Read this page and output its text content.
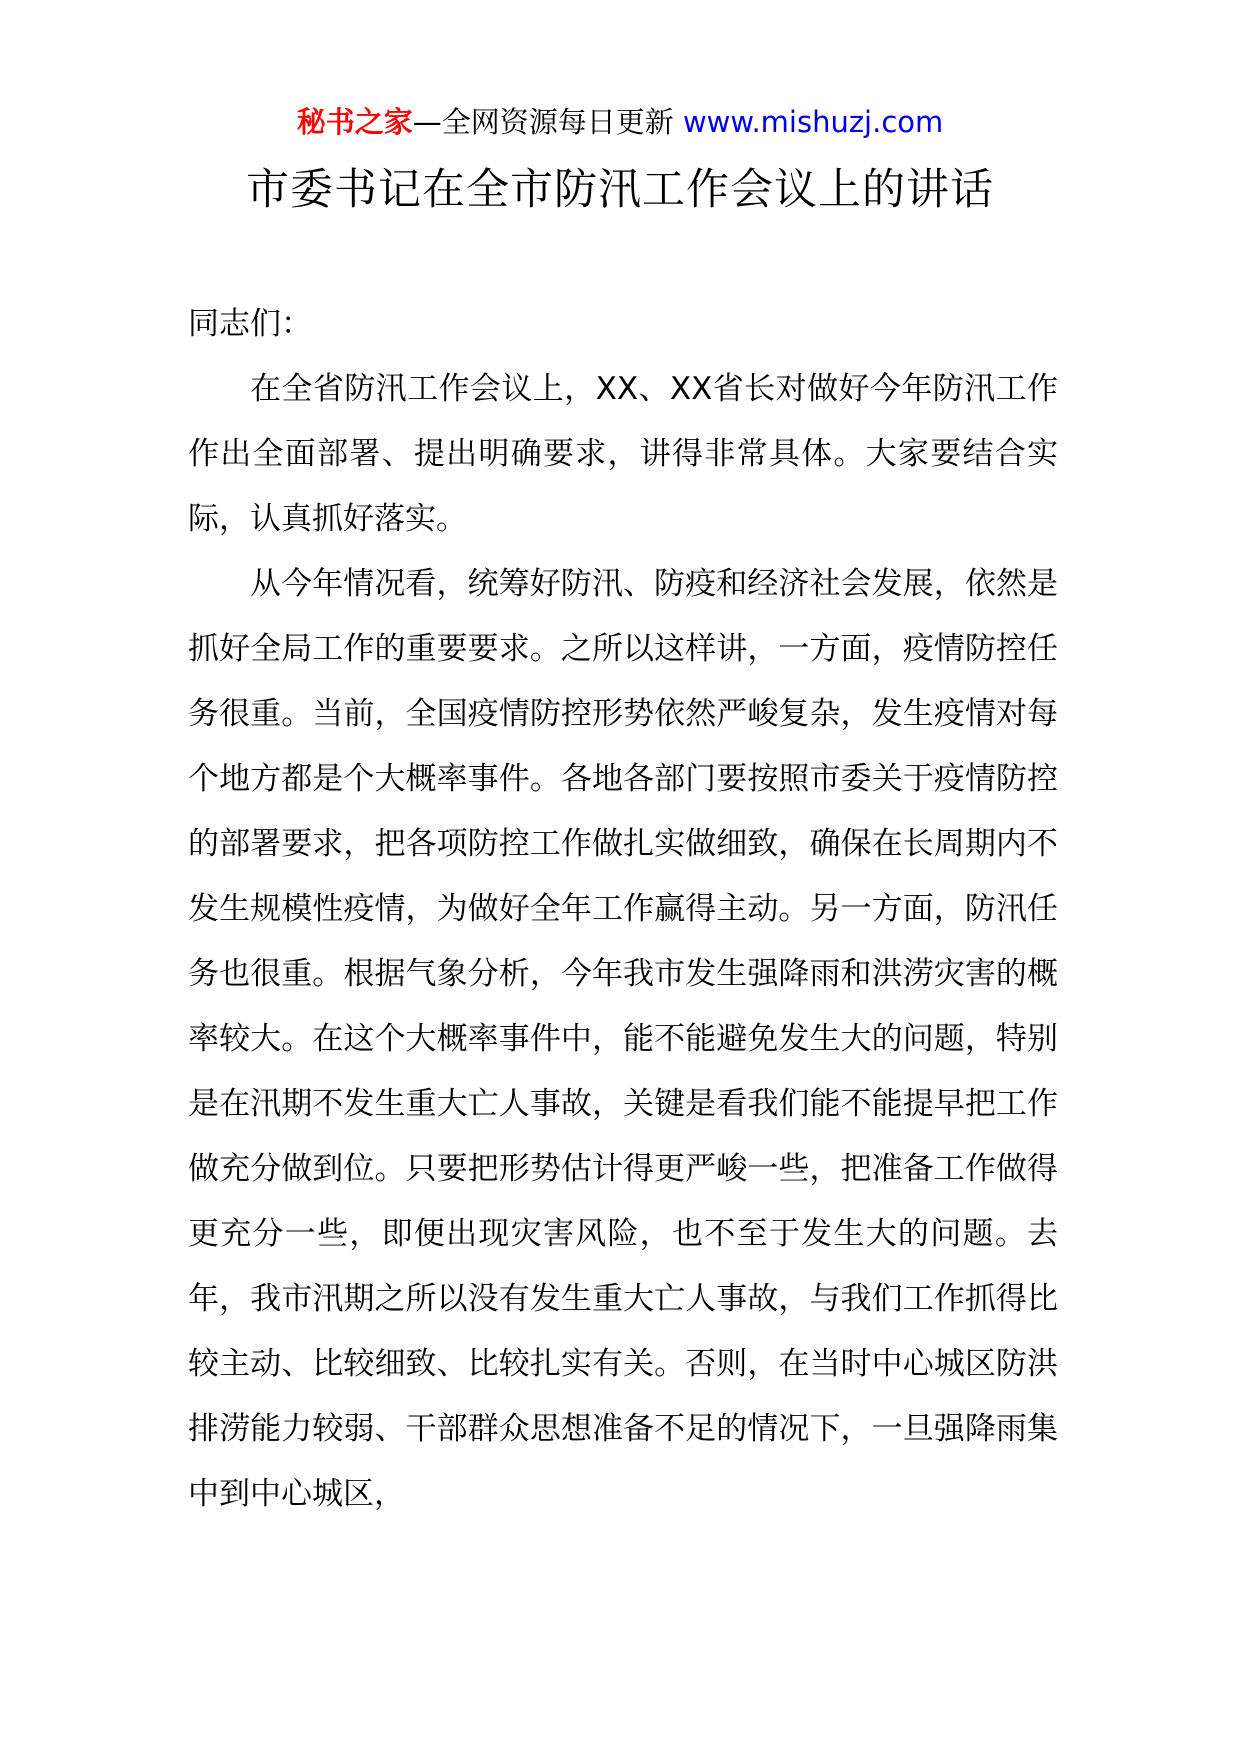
秘书之家—全网资源每日更新 www.mishuzj.com
市委书记在全市防汛工作会议上的讲话

同志们：

在全省防汛工作会议上，XX、XX省长对做好今年防汛工作作出全面部署、提出明确要求，讲得非常具体。大家要结合实际，认真抓好落实。

从今年情况看，统筹好防汛、防疫和经济社会发展，依然是抓好全局工作的重要要求。之所以这样讲，一方面，疫情防控任务很重。当前，全国疫情防控形势依然严峻复杂，发生疫情对每个地方都是个大概率事件。各地各部门要按照市委关于疫情防控的部署要求，把各项防控工作做扎实做细致，确保在长周期内不发生规模性疫情，为做好全年工作赢得主动。另一方面，防汛任务也很重。根据气象分析，今年我市发生强降雨和洪涝灾害的概率较大。在这个大概率事件中，能不能避免发生大的问题，特别是在汛期不发生重大亡人事故，关键是看我们能不能提早把工作做充分做到位。只要把形势估计得更严峻一些，把准备工作做得更充分一些，即便出现灾害风险，也不至于发生大的问题。去年，我市汛期之所以没有发生重大亡人事故，与我们工作抓得比较主动、比较细致、比较扎实有关。否则，在当时中心城区防洪排涝能力较弱、干部群众思想准备不足的情况下，一旦强降雨集中到中心城区，
